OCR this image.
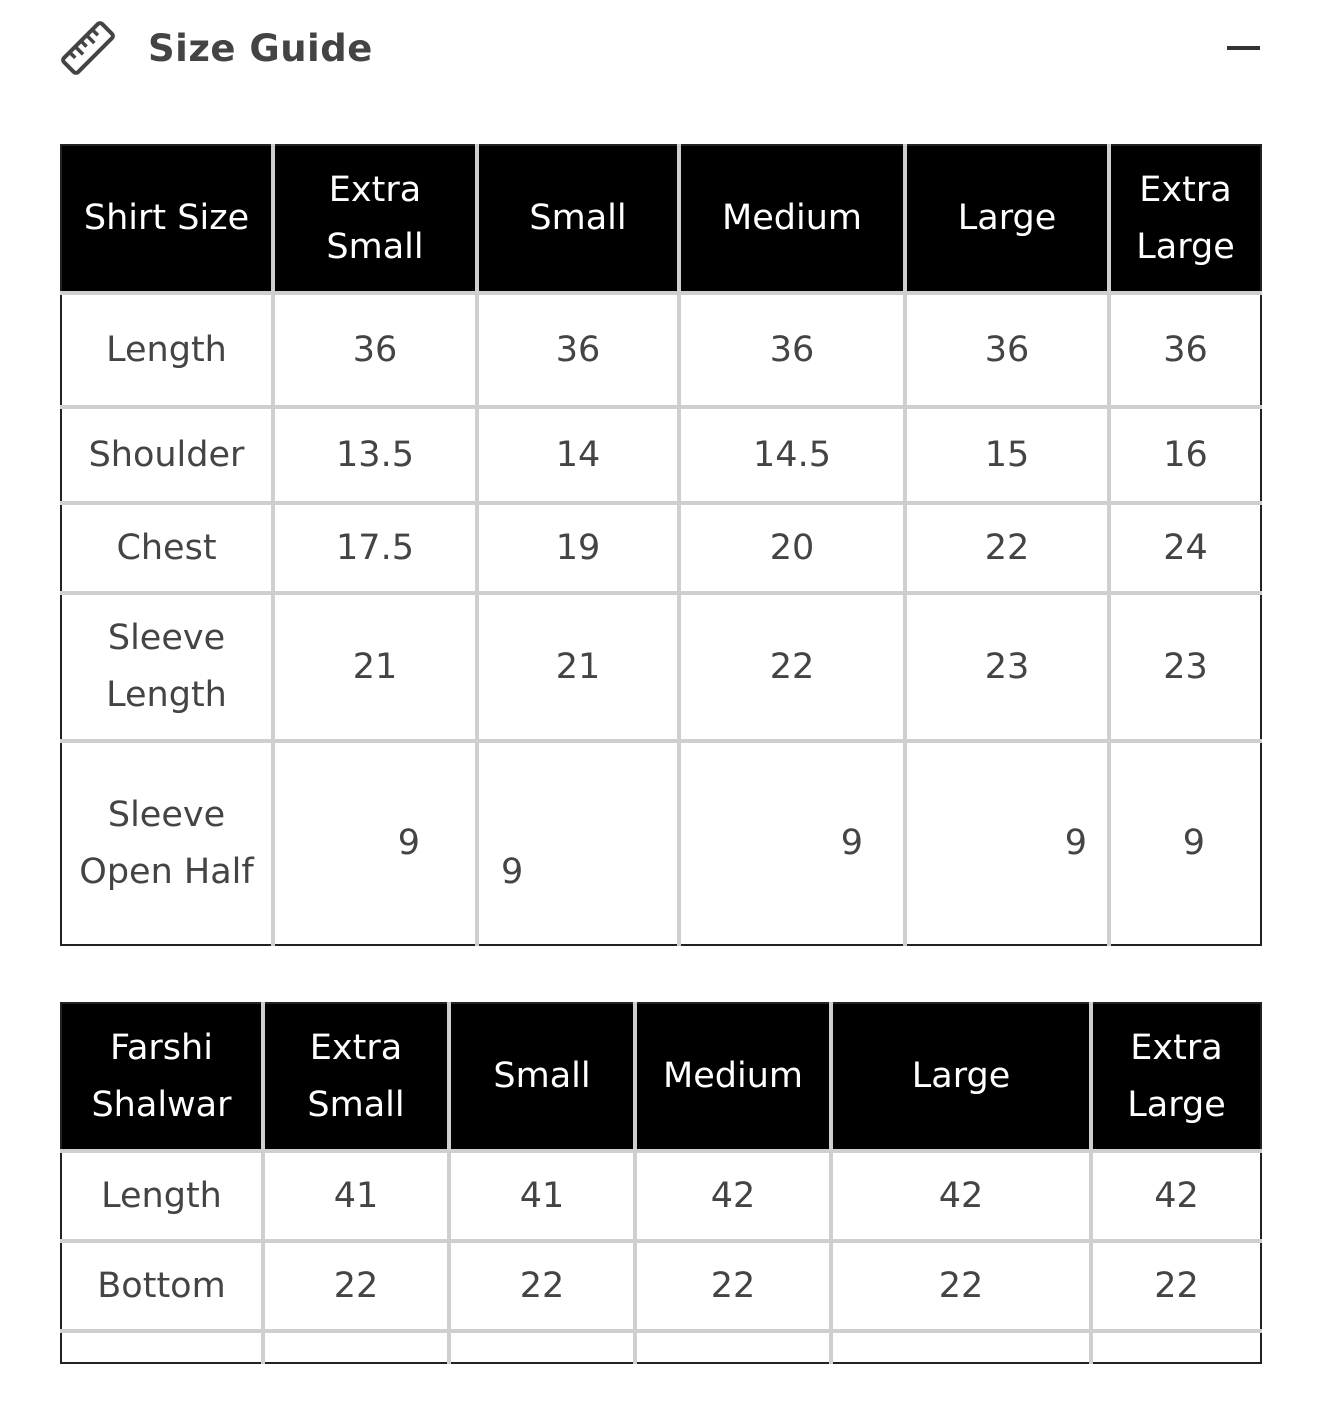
Size Guide
Shirt Size	Extra Small	Small	Medium	Large	Extra Large
Length	36	36	36	36	36
Shoulder	13.5	14	14.5	15	16
Chest	17.5	19	20	22	24
Sleeve Length	21	21	22	23	23
Sleeve Open Half	9	9	9	9	9
Farshi Shalwar	Extra Small	Small	Medium	Large	Extra Large
Length	41	41	42	42	42
Bottom	22	22	22	22	22
